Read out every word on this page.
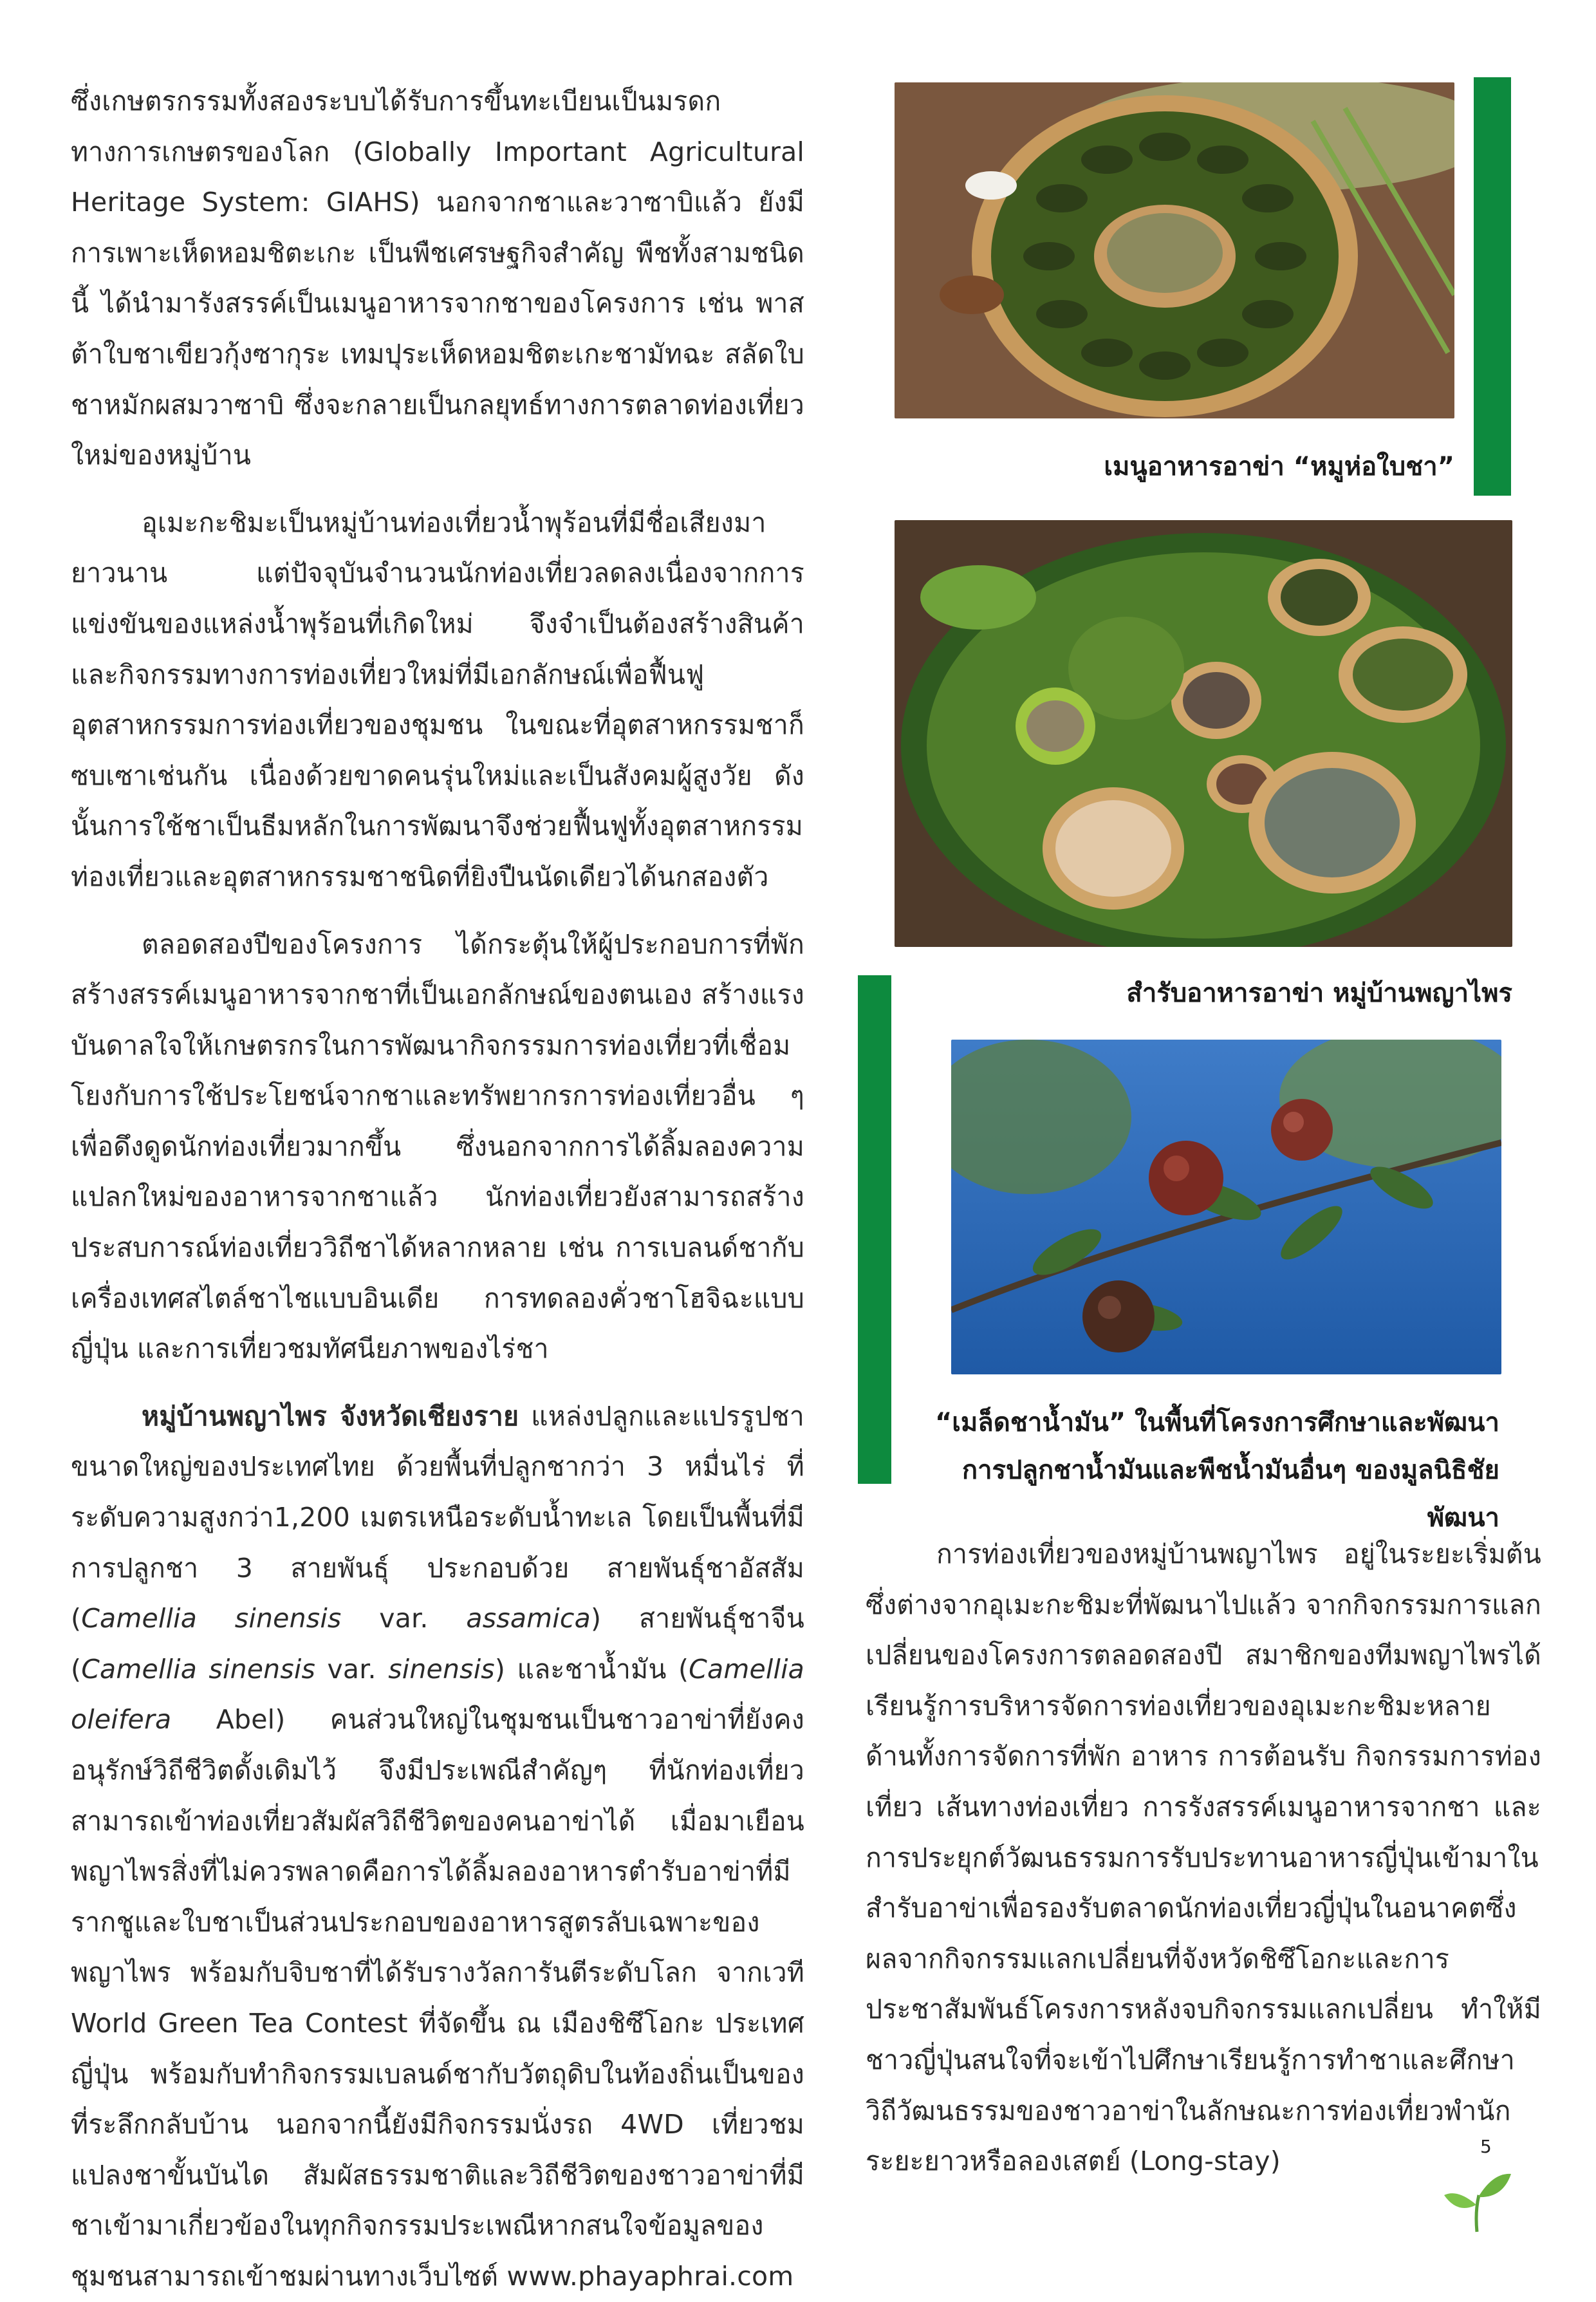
ซึ่งเกษตรกรรมทั้งสองระบบได้รับการขึ้นทะเบียนเป็นมรดกทางการเกษตรของโลก (Globally Important Agricultural Heritage System: GIAHS) นอกจากชาและวาซาบิแล้ว ยังมีการเพาะเห็ดหอมชิตะเกะ เป็นพืชเศรษฐกิจสำคัญ พืชทั้งสามชนิดนี้ ได้นำมารังสรรค์เป็นเมนูอาหารจากชาของโครงการ เช่น พาสต้าใบชาเขียวกุ้งซากุระ เทมปุระเห็ดหอมชิตะเกะชามัทฉะ สลัดใบชาหมักผสมวาซาบิ ซึ่งจะกลายเป็นกลยุทธ์ทางการตลาดท่องเที่ยวใหม่ของหมู่บ้าน

อุเมะกะชิมะเป็นหมู่บ้านท่องเที่ยวน้ำพุร้อนที่มีชื่อเสียงมายาวนาน แต่ปัจจุบันจำนวนนักท่องเที่ยวลดลงเนื่องจากการแข่งขันของแหล่งน้ำพุร้อนที่เกิดใหม่ จึงจำเป็นต้องสร้างสินค้าและกิจกรรมทางการท่องเที่ยวใหม่ที่มีเอกลักษณ์เพื่อฟื้นฟูอุตสาหกรรมการท่องเที่ยวของชุมชน ในขณะที่อุตสาหกรรมชาก็ซบเซาเช่นกัน เนื่องด้วยขาดคนรุ่นใหม่และเป็นสังคมผู้สูงวัย ดังนั้นการใช้ชาเป็นธีมหลักในการพัฒนาจึงช่วยฟื้นฟูทั้งอุตสาหกรรมท่องเที่ยวและอุตสาหกรรมชาชนิดที่ยิงปืนนัดเดียวได้นกสองตัว

ตลอดสองปีของโครงการ ได้กระตุ้นให้ผู้ประกอบการที่พักสร้างสรรค์เมนูอาหารจากชาที่เป็นเอกลักษณ์ของตนเอง สร้างแรงบันดาลใจให้เกษตรกรในการพัฒนากิจกรรมการท่องเที่ยวที่เชื่อมโยงกับการใช้ประโยชน์จากชาและทรัพยากรการท่องเที่ยวอื่น ๆ เพื่อดึงดูดนักท่องเที่ยวมากขึ้น ซึ่งนอกจากการได้ลิ้มลองความแปลกใหม่ของอาหารจากชาแล้ว นักท่องเที่ยวยังสามารถสร้างประสบการณ์ท่องเที่ยววิถีชาได้หลากหลาย เช่น การเบลนด์ชากับเครื่องเทศสไตล์ชาไชแบบอินเดีย การทดลองคั่วชาโฮจิฉะแบบญี่ปุ่น และการเที่ยวชมทัศนียภาพของไร่ชา

หมู่บ้านพญาไพร จังหวัดเชียงราย แหล่งปลูกและแปรรูปชาขนาดใหญ่ของประเทศไทย ด้วยพื้นที่ปลูกชากว่า 3 หมื่นไร่ ที่ระดับความสูงกว่า1,200 เมตรเหนือระดับน้ำทะเล โดยเป็นพื้นที่มีการปลูกชา 3 สายพันธุ์ ประกอบด้วย สายพันธุ์ชาอัสสัม (Camellia sinensis var. assamica) สายพันธุ์ชาจีน (Camellia sinensis var. sinensis) และชาน้ำมัน (Camellia oleifera Abel) คนส่วนใหญ่ในชุมชนเป็นชาวอาข่าที่ยังคงอนุรักษ์วิถีชีวิตดั้งเดิมไว้ จึงมีประเพณีสำคัญๆ ที่นักท่องเที่ยวสามารถเข้าท่องเที่ยวสัมผัสวิถีชีวิตของคนอาข่าได้ เมื่อมาเยือนพญาไพรสิ่งที่ไม่ควรพลาดคือการได้ลิ้มลองอาหารตำรับอาข่าที่มีรากชูและใบชาเป็นส่วนประกอบของอาหารสูตรลับเฉพาะของพญาไพร พร้อมกับจิบชาที่ได้รับรางวัลการันตีระดับโลก จากเวที World Green Tea Contest ที่จัดขึ้น ณ เมืองชิซึโอกะ ประเทศญี่ปุ่น พร้อมกับทำกิจกรรมเบลนด์ชากับวัตถุดิบในท้องถิ่นเป็นของที่ระลึกกลับบ้าน นอกจากนี้ยังมีกิจกรรมนั่งรถ 4WD เที่ยวชมแปลงชาขั้นบันได สัมผัสธรรมชาติและวิถีชีวิตของชาวอาข่าที่มีชาเข้ามาเกี่ยวข้องในทุกกิจกรรมประเพณีหากสนใจข้อมูลของชุมชนสามารถเข้าชมผ่านทางเว็บไซต์ www.phayaphrai.com

เมนูอาหารอาข่า “หมูห่อใบชา”
สำรับอาหารอาข่า หมู่บ้านพญาไพร
“เมล็ดชาน้ำมัน” ในพื้นที่โครงการศึกษาและพัฒนา
การปลูกชาน้ำมันและพืชน้ำมันอื่นๆ ของมูลนิธิชัยพัฒนา

การท่องเที่ยวของหมู่บ้านพญาไพร อยู่ในระยะเริ่มต้น ซึ่งต่างจากอุเมะกะชิมะที่พัฒนาไปแล้ว จากกิจกรรมการแลกเปลี่ยนของโครงการตลอดสองปี สมาชิกของทีมพญาไพรได้เรียนรู้การบริหารจัดการท่องเที่ยวของอุเมะกะชิมะหลายด้านทั้งการจัดการที่พัก อาหาร การต้อนรับ กิจกรรมการท่องเที่ยว เส้นทางท่องเที่ยว การรังสรรค์เมนูอาหารจากชา และการประยุกต์วัฒนธรรมการรับประทานอาหารญี่ปุ่นเข้ามาในสำรับอาข่าเพื่อรองรับตลาดนักท่องเที่ยวญี่ปุ่นในอนาคตซึ่งผลจากกิจกรรมแลกเปลี่ยนที่จังหวัดชิซึโอกะและการประชาสัมพันธ์โครงการหลังจบกิจกรรมแลกเปลี่ยน ทำให้มีชาวญี่ปุ่นสนใจที่จะเข้าไปศึกษาเรียนรู้การทำชาและศึกษาวิถีวัฒนธรรมของชาวอาข่าในลักษณะการท่องเที่ยวพำนักระยะยาวหรือลองเสตย์ (Long-stay)	5
